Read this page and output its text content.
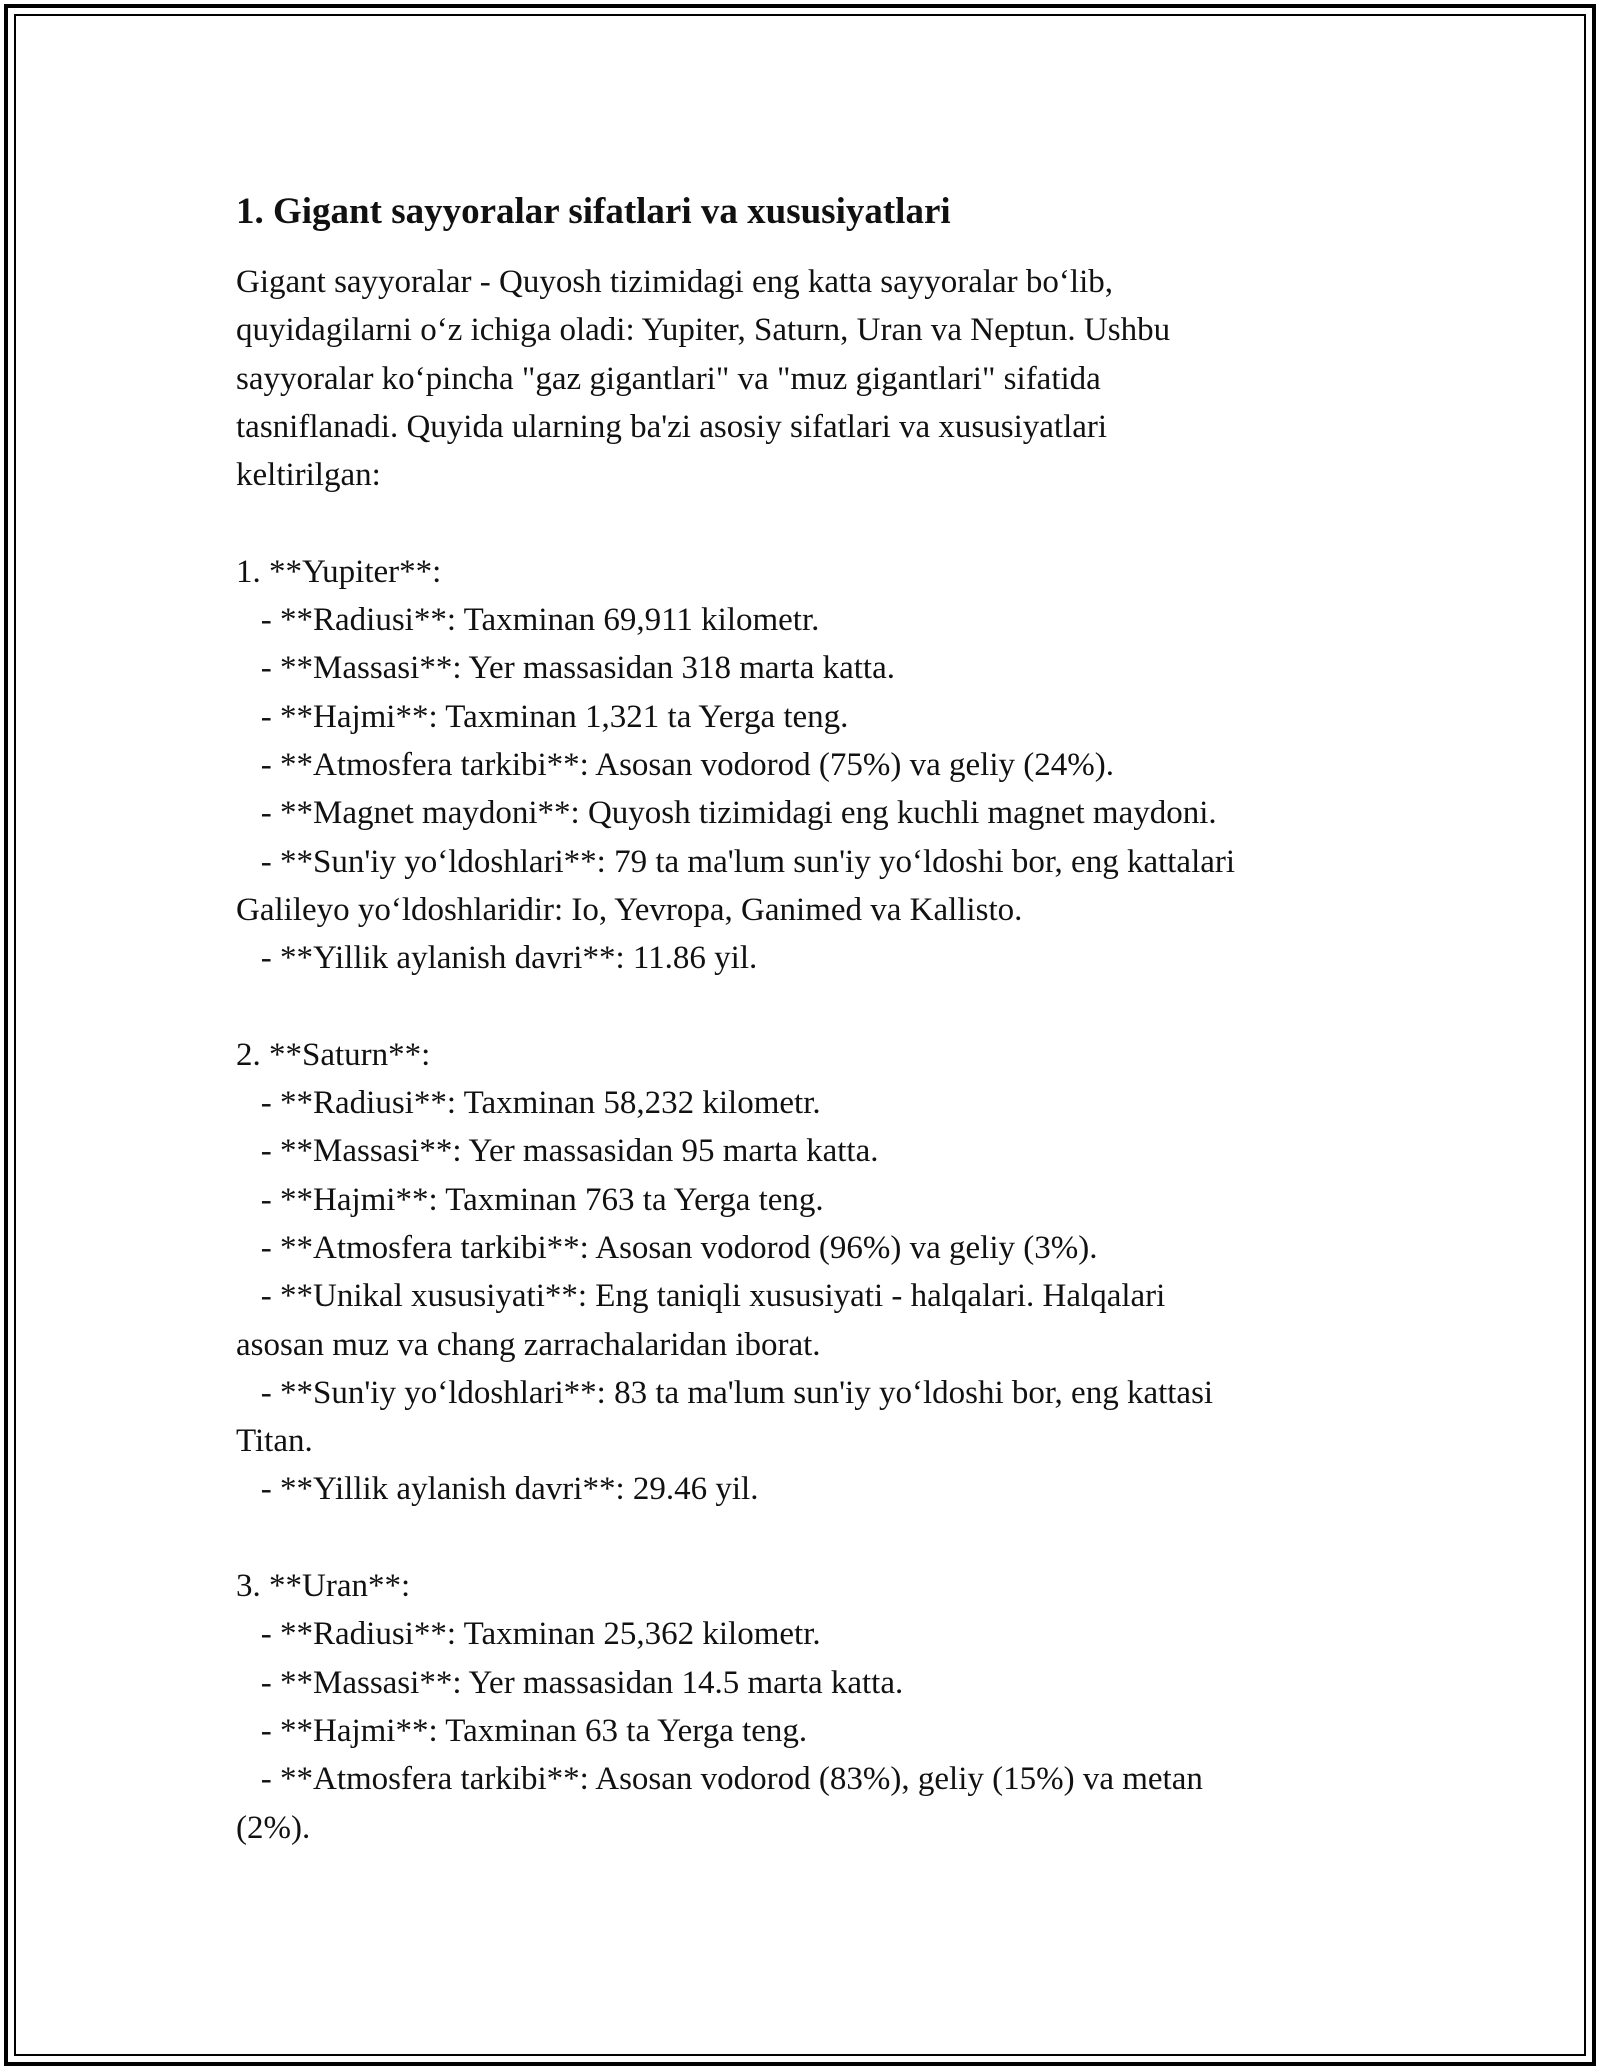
1. Gigant sayyoralar sifatlari va xususiyatlari
Gigant sayyoralar - Quyosh tizimidagi eng katta sayyoralar bo‘lib,
quyidagilarni o‘z ichiga oladi: Yupiter, Saturn, Uran va Neptun. Ushbu
sayyoralar ko‘pincha "gaz gigantlari" va "muz gigantlari" sifatida
tasniflanadi. Quyida ularning ba'zi asosiy sifatlari va xususiyatlari
keltirilgan:
1. **Yupiter**:
- **Radiusi**: Taxminan 69,911 kilometr.
- **Massasi**: Yer massasidan 318 marta katta.
- **Hajmi**: Taxminan 1,321 ta Yerga teng.
- **Atmosfera tarkibi**: Asosan vodorod (75%) va geliy (24%).
- **Magnet maydoni**: Quyosh tizimidagi eng kuchli magnet maydoni.
- **Sun'iy yo‘ldoshlari**: 79 ta ma'lum sun'iy yo‘ldoshi bor, eng kattalari
Galileyo yo‘ldoshlaridir: Io, Yevropa, Ganimed va Kallisto.
- **Yillik aylanish davri**: 11.86 yil.
2. **Saturn**:
- **Radiusi**: Taxminan 58,232 kilometr.
- **Massasi**: Yer massasidan 95 marta katta.
- **Hajmi**: Taxminan 763 ta Yerga teng.
- **Atmosfera tarkibi**: Asosan vodorod (96%) va geliy (3%).
- **Unikal xususiyati**: Eng taniqli xususiyati - halqalari. Halqalari
asosan muz va chang zarrachalaridan iborat.
- **Sun'iy yo‘ldoshlari**: 83 ta ma'lum sun'iy yo‘ldoshi bor, eng kattasi
Titan.
- **Yillik aylanish davri**: 29.46 yil.
3. **Uran**:
- **Radiusi**: Taxminan 25,362 kilometr.
- **Massasi**: Yer massasidan 14.5 marta katta.
- **Hajmi**: Taxminan 63 ta Yerga teng.
- **Atmosfera tarkibi**: Asosan vodorod (83%), geliy (15%) va metan
(2%).
